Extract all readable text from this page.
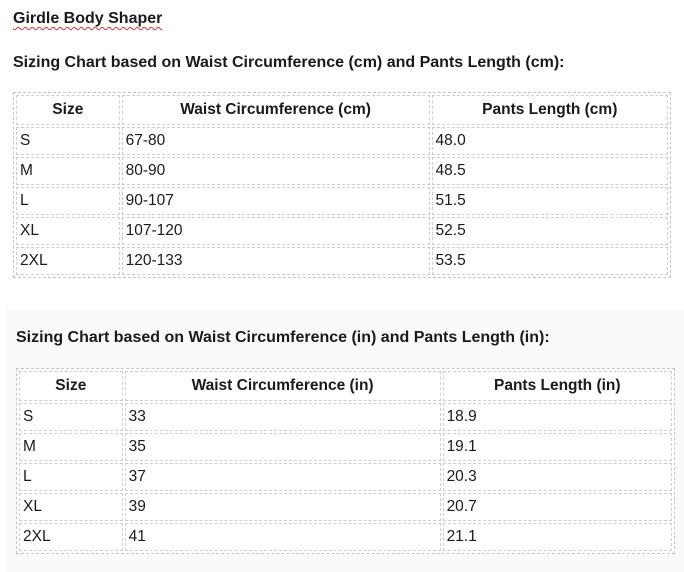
Girdle Body Shaper
Sizing Chart based on Waist Circumference (cm) and Pants Length (cm):
Size	Waist Circumference (cm)	Pants Length (cm)
S	67-80	48.0
M	80-90	48.5
L	90-107	51.5
XL	107-120	52.5
2XL	120-133	53.5
Sizing Chart based on Waist Circumference (in) and Pants Length (in):
Size	Waist Circumference (in)	Pants Length (in)
S	33	18.9
M	35	19.1
L	37	20.3
XL	39	20.7
2XL	41	21.1
